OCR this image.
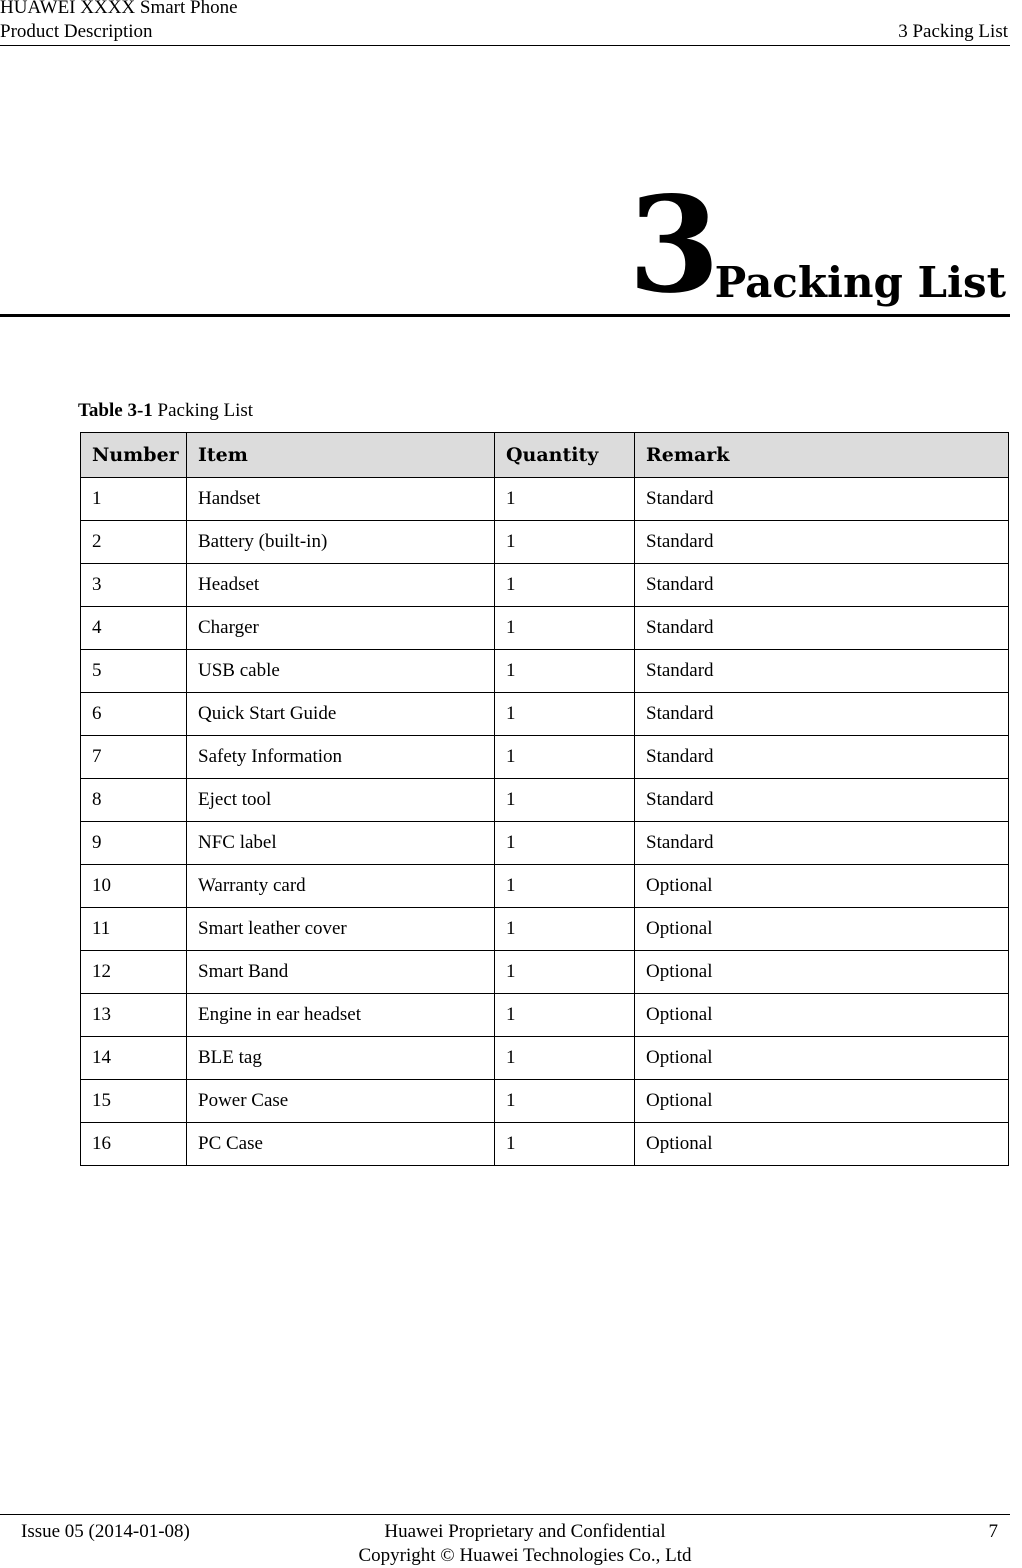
HUAWEI XXXX Smart Phone
Product Description	3 Packing List
3
Packing List
Table 3-1 Packing List
Number	Item	Quantity	Remark
1	Handset	1	Standard
2	Battery (built-in)	1	Standard
3	Headset	1	Standard
4	Charger	1	Standard
5	USB cable	1	Standard
6	Quick Start Guide	1	Standard
7	Safety Information	1	Standard
8	Eject tool	1	Standard
9	NFC label	1	Standard
10	Warranty card	1	Optional
11	Smart leather cover	1	Optional
12	Smart Band	1	Optional
13	Engine in ear headset	1	Optional
14	BLE tag	1	Optional
15	Power Case	1	Optional
16	PC Case	1	Optional
Issue 05 (2014-01-08)	Huawei Proprietary and Confidential
Copyright © Huawei Technologies Co., Ltd
7
